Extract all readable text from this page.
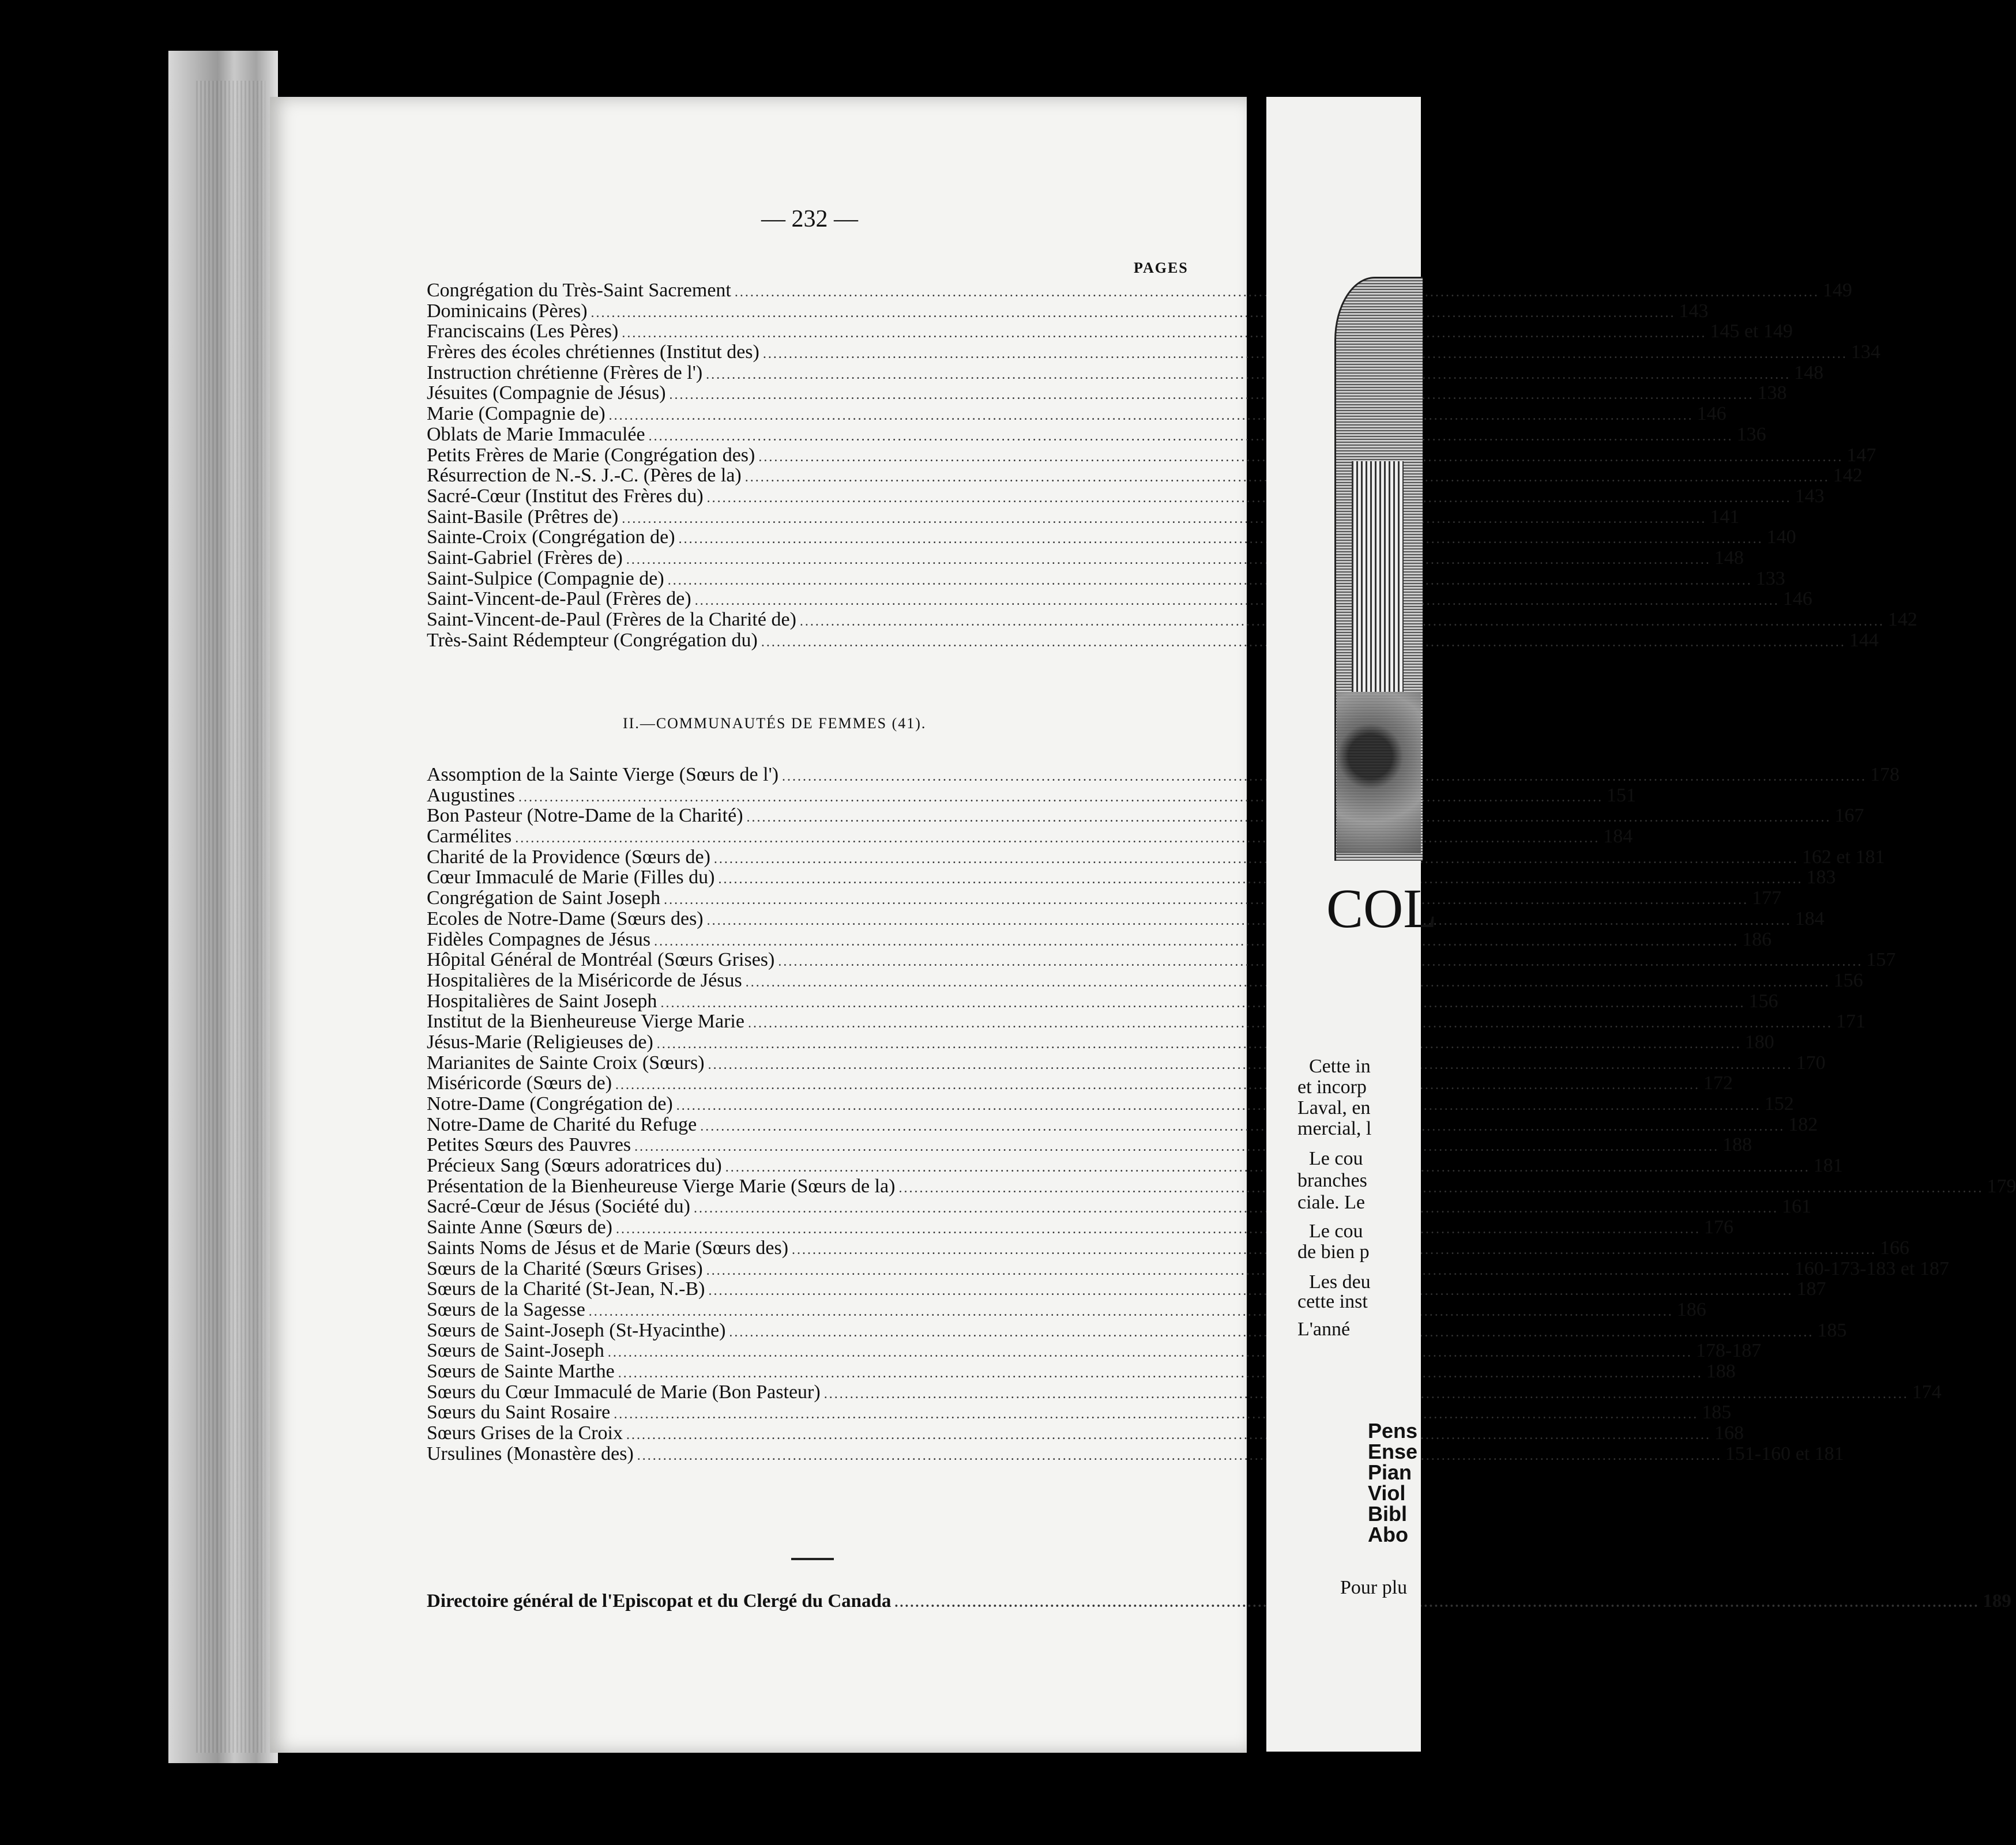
— 232 —
PAGES
Congrégation du Très-Saint Sacrement .....	149
Dominicains (Pères) .....	143
Franciscains (Les Pères) .....	145 et 149
Frères des écoles chrétiennes (Institut des) .....	134
Instruction chrétienne (Frères de l') .....	148
Jésuites (Compagnie de Jésus) .....	138
Marie (Compagnie de) .....	146
Oblats de Marie Immaculée .....	136
Petits Frères de Marie (Congrégation des) .....	147
Résurrection de N.-S. J.-C. (Pères de la) .....	142
Sacré-Cœur (Institut des Frères du) .....	143
Saint-Basile (Prêtres de) .....	141
Sainte-Croix (Congrégation de) .....	140
Saint-Gabriel (Frères de) .....	148
Saint-Sulpice (Compagnie de) .....	133
Saint-Vincent-de-Paul (Frères de) .....	146
Saint-Vincent-de-Paul (Frères de la Charité de) .....	142
Très-Saint Rédempteur (Congrégation du) .....	144
II.—COMMUNAUTÉS DE FEMMES (41).
Assomption de la Sainte Vierge (Sœurs de l') .....	178
Augustines .....	151
Bon Pasteur (Notre-Dame de la Charité) .....	167
Carmélites .....	184
Charité de la Providence (Sœurs de) .....	162 et 181
Cœur Immaculé de Marie (Filles du) .....	183
Congrégation de Saint Joseph .....	177
Ecoles de Notre-Dame (Sœurs des) .....	184
Fidèles Compagnes de Jésus .....	186
Hôpital Général de Montréal (Sœurs Grises) .....	157
Hospitalières de la Miséricorde de Jésus .....	156
Hospitalières de Saint Joseph .....	156
Institut de la Bienheureuse Vierge Marie .....	171
Jésus-Marie (Religieuses de) .....	180
Marianites de Sainte Croix (Sœurs) .....	170
Miséricorde (Sœurs de) .....	172
Notre-Dame (Congrégation de) .....	152
Notre-Dame de Charité du Refuge .....	182
Petites Sœurs des Pauvres .....	188
Précieux Sang (Sœurs adoratrices du) .....	181
Présentation de la Bienheureuse Vierge Marie (Sœurs de la) .....	179
Sacré-Cœur de Jésus (Société du) .....	161
Sainte Anne (Sœurs de) .....	176
Saints Noms de Jésus et de Marie (Sœurs des) .....	166
Sœurs de la Charité (Sœurs Grises) .....	160-173-183 et 187
Sœurs de la Charité (St-Jean, N.-B) .....	187
Sœurs de la Sagesse .....	186
Sœurs de Saint-Joseph (St-Hyacinthe) .....	185
Sœurs de Saint-Joseph .....	178-187
Sœurs de Sainte Marthe .....	188
Sœurs du Cœur Immaculé de Marie (Bon Pasteur) .....	174
Sœurs du Saint Rosaire .....	185
Sœurs Grises de la Croix .....	168
Ursulines (Monastère des) .....	151-160 et 181
Directoire général de l'Episcopat et du Clergé du Canada .....	189
COL
Cette in
et incorp
Laval, en
mercial, l
Le cou
branches
ciale. Le
Le cou
de bien p
Les deu
cette inst
L'anné
Pens
Ense
Pian
Viol
Bibl
Abo
Pour plu
